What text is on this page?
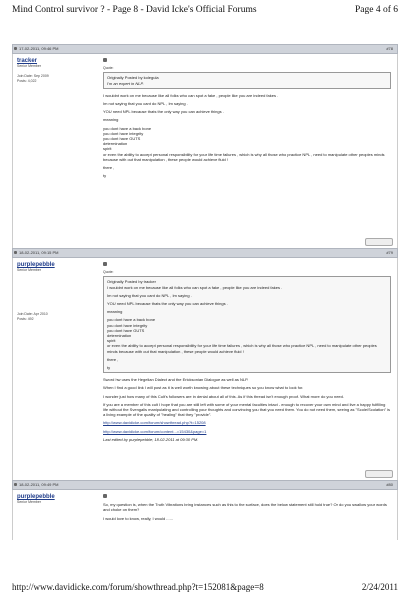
Mind Control survivor ? - Page 8 - David Icke's Official Forums	Page 4 of 6
17-02-2011, 09:46 PM	#78
tracker
Senior Member
Join Date: Sep 2009
Posts: 4,022

Quote:
Originally Posted by kolegula
I'm an expert in NLP.

I wouldnt work on me because like all folks who can spot a fake , people like you are indeed fakes .

Im not saying that you cant do NPL , Im saying .

YOU need NPL because thats the only way you can achieve things .

meaning

you dont have a back bone
you dont have integrity
you dont have GUTS
determination
spirit

or even the ability to accept personal responsibility for your life time failures , which is why all those who practice NPL , need to manipulate other peoples minds because with out that manipulation , these people would achieve fluid !

there ,

ty

18-02-2011, 09:15 PM	#79
purplepebble
Senior Member
Join Date: Apr 2010
Posts: 492

Quote:
Originally Posted by tracker

I wouldnt work on me because like all folks who can spot a fake , people like you are indeed fakes .

Im not saying that you cant do NPL , Im saying .

YOU need NPL because thats the only way you can achieve things .

meaning

you dont have a back bone
you dont have integrity
you dont have GUTS
determination
spirit

or even the ability to accept personal responsibility for your life time failures , which is why all those who practice NPL , need to manipulate other peoples minds because with out that manipulation , these people would achieve fluid !

there ,

ty

Sword hw uses the Hegelian Dialect and the Ericksonian Dialogue as well as NLP.

When I find a good link I will post as it is well worth knowing about these techniques so you know what to look for.

I wonder just how many of this Cult's followers are in denial about all of this. As if this thread isn't enough proof. What more do you need.

If you are a member of this cult I hope that you are still left with some of your mental faculties intact - enough to recover your own mind and live a happy fulfilling life without the Svengalis manipulating and controlling your thoughts and convincing you that you need them. You do not need them, seeing as "Scole/Scolation" is a living example of the quality of "healing" that they "provide".

http://www.davidicke.com/forum/showthread.php?t=15208

http://www.davidicke.com/forum/content...=15430&page=1

Last edited by purplepebble; 18-02-2011 at 09:30 PM.

18-02-2011, 09:49 PM	#80
purplepebble
Senior Member

So, my question is, when the Truth Vibrations bring instances such as this to the surface, does the below statement still hold true? Or do you swallow your words and choke on them?

I would love to know, really, I would ......

http://www.davidicke.com/forum/showthread.php?t=152081&page=8	2/24/2011
